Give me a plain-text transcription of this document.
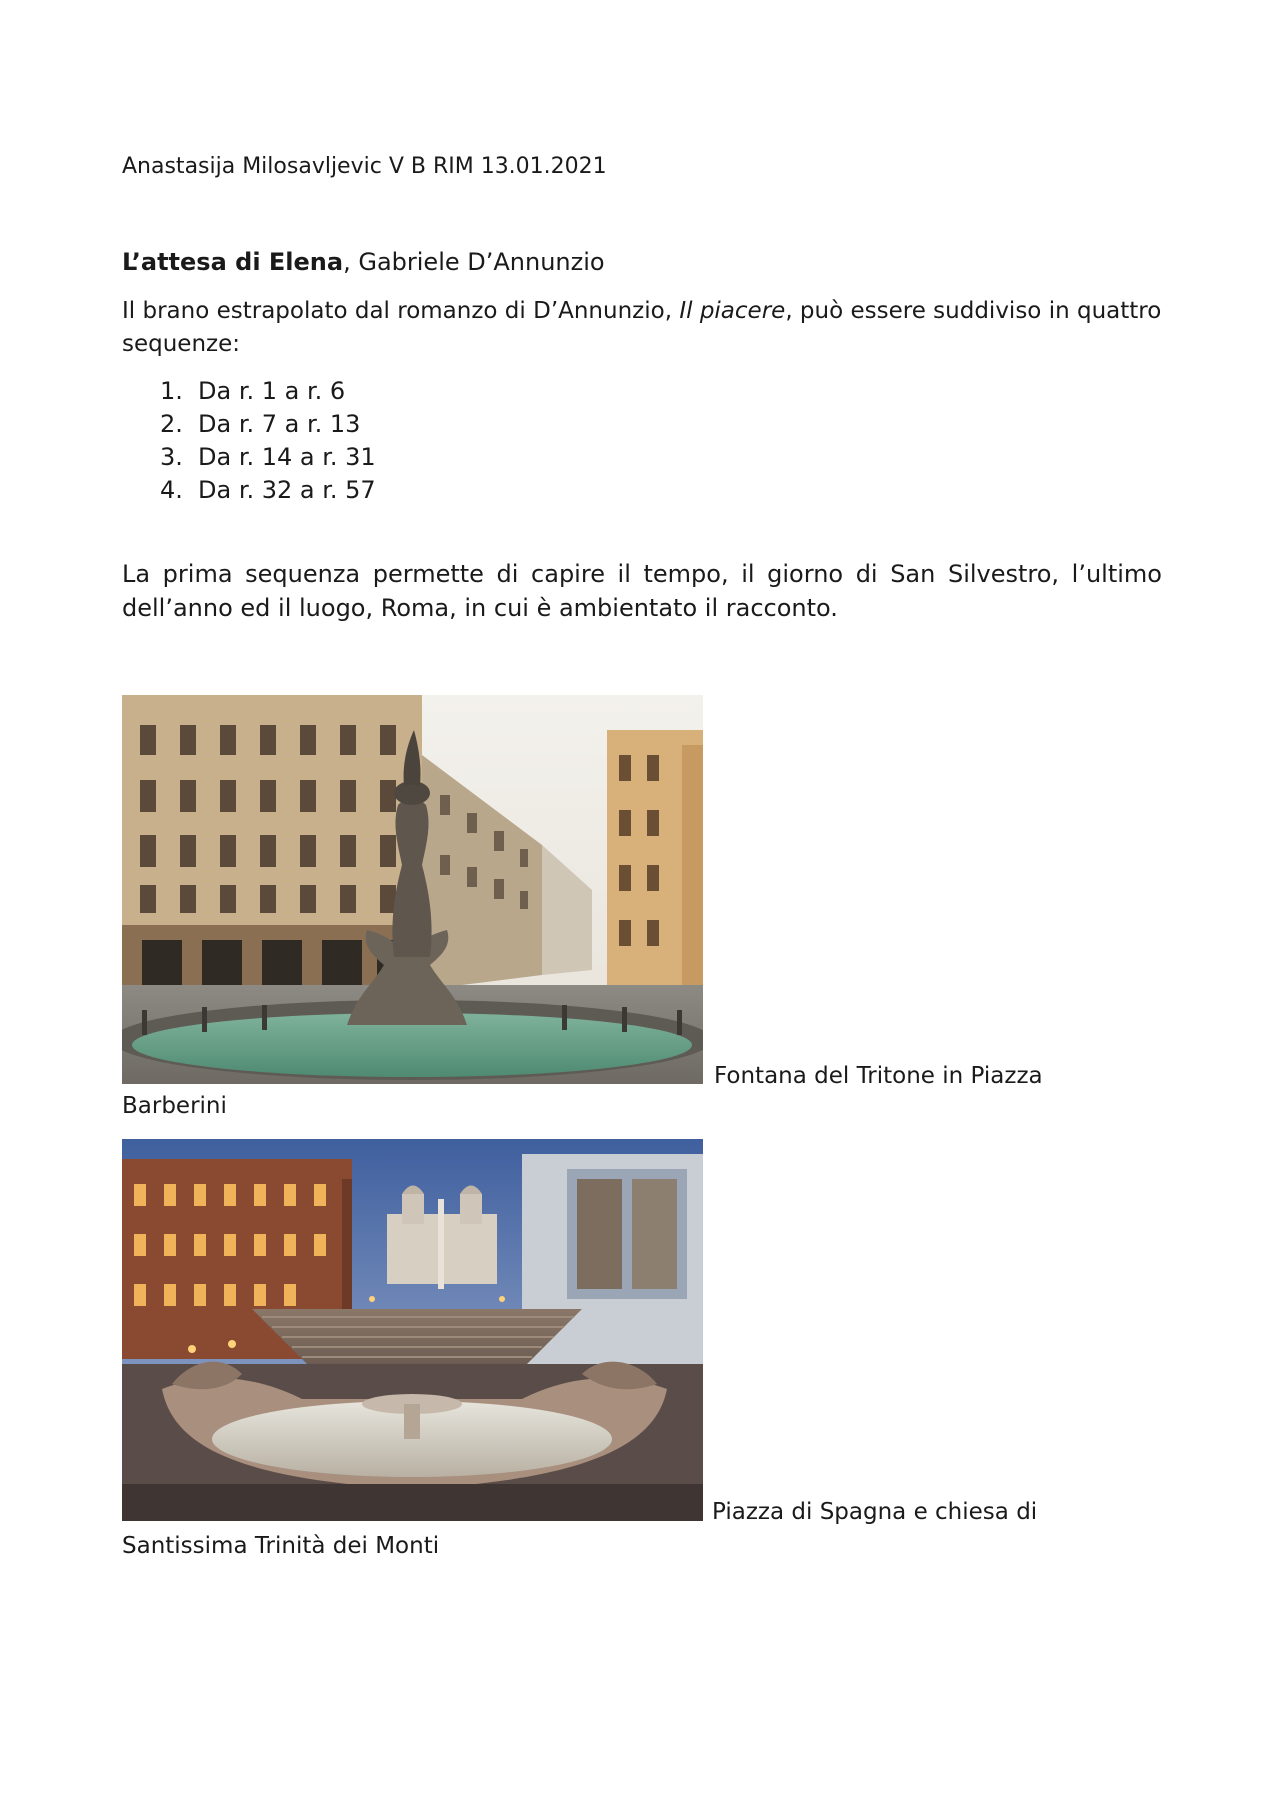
Anastasija Milosavljevic V B RIM 13.01.2021
L’attesa di Elena, Gabriele D’Annunzio
Il brano estrapolato dal romanzo di D’Annunzio, Il piacere, può essere suddiviso in quattro sequenze:
1. Da r. 1 a r. 6
2. Da r. 7 a r. 13
3. Da r. 14 a r. 31
4. Da r. 32 a r. 57
La prima sequenza permette di capire il tempo, il giorno di San Silvestro, l’ultimo dell’anno ed il luogo, Roma, in cui è ambientato il racconto.
Fontana del Tritone in Piazza
Barberini
Piazza di Spagna e chiesa di
Santissima Trinità dei Monti
